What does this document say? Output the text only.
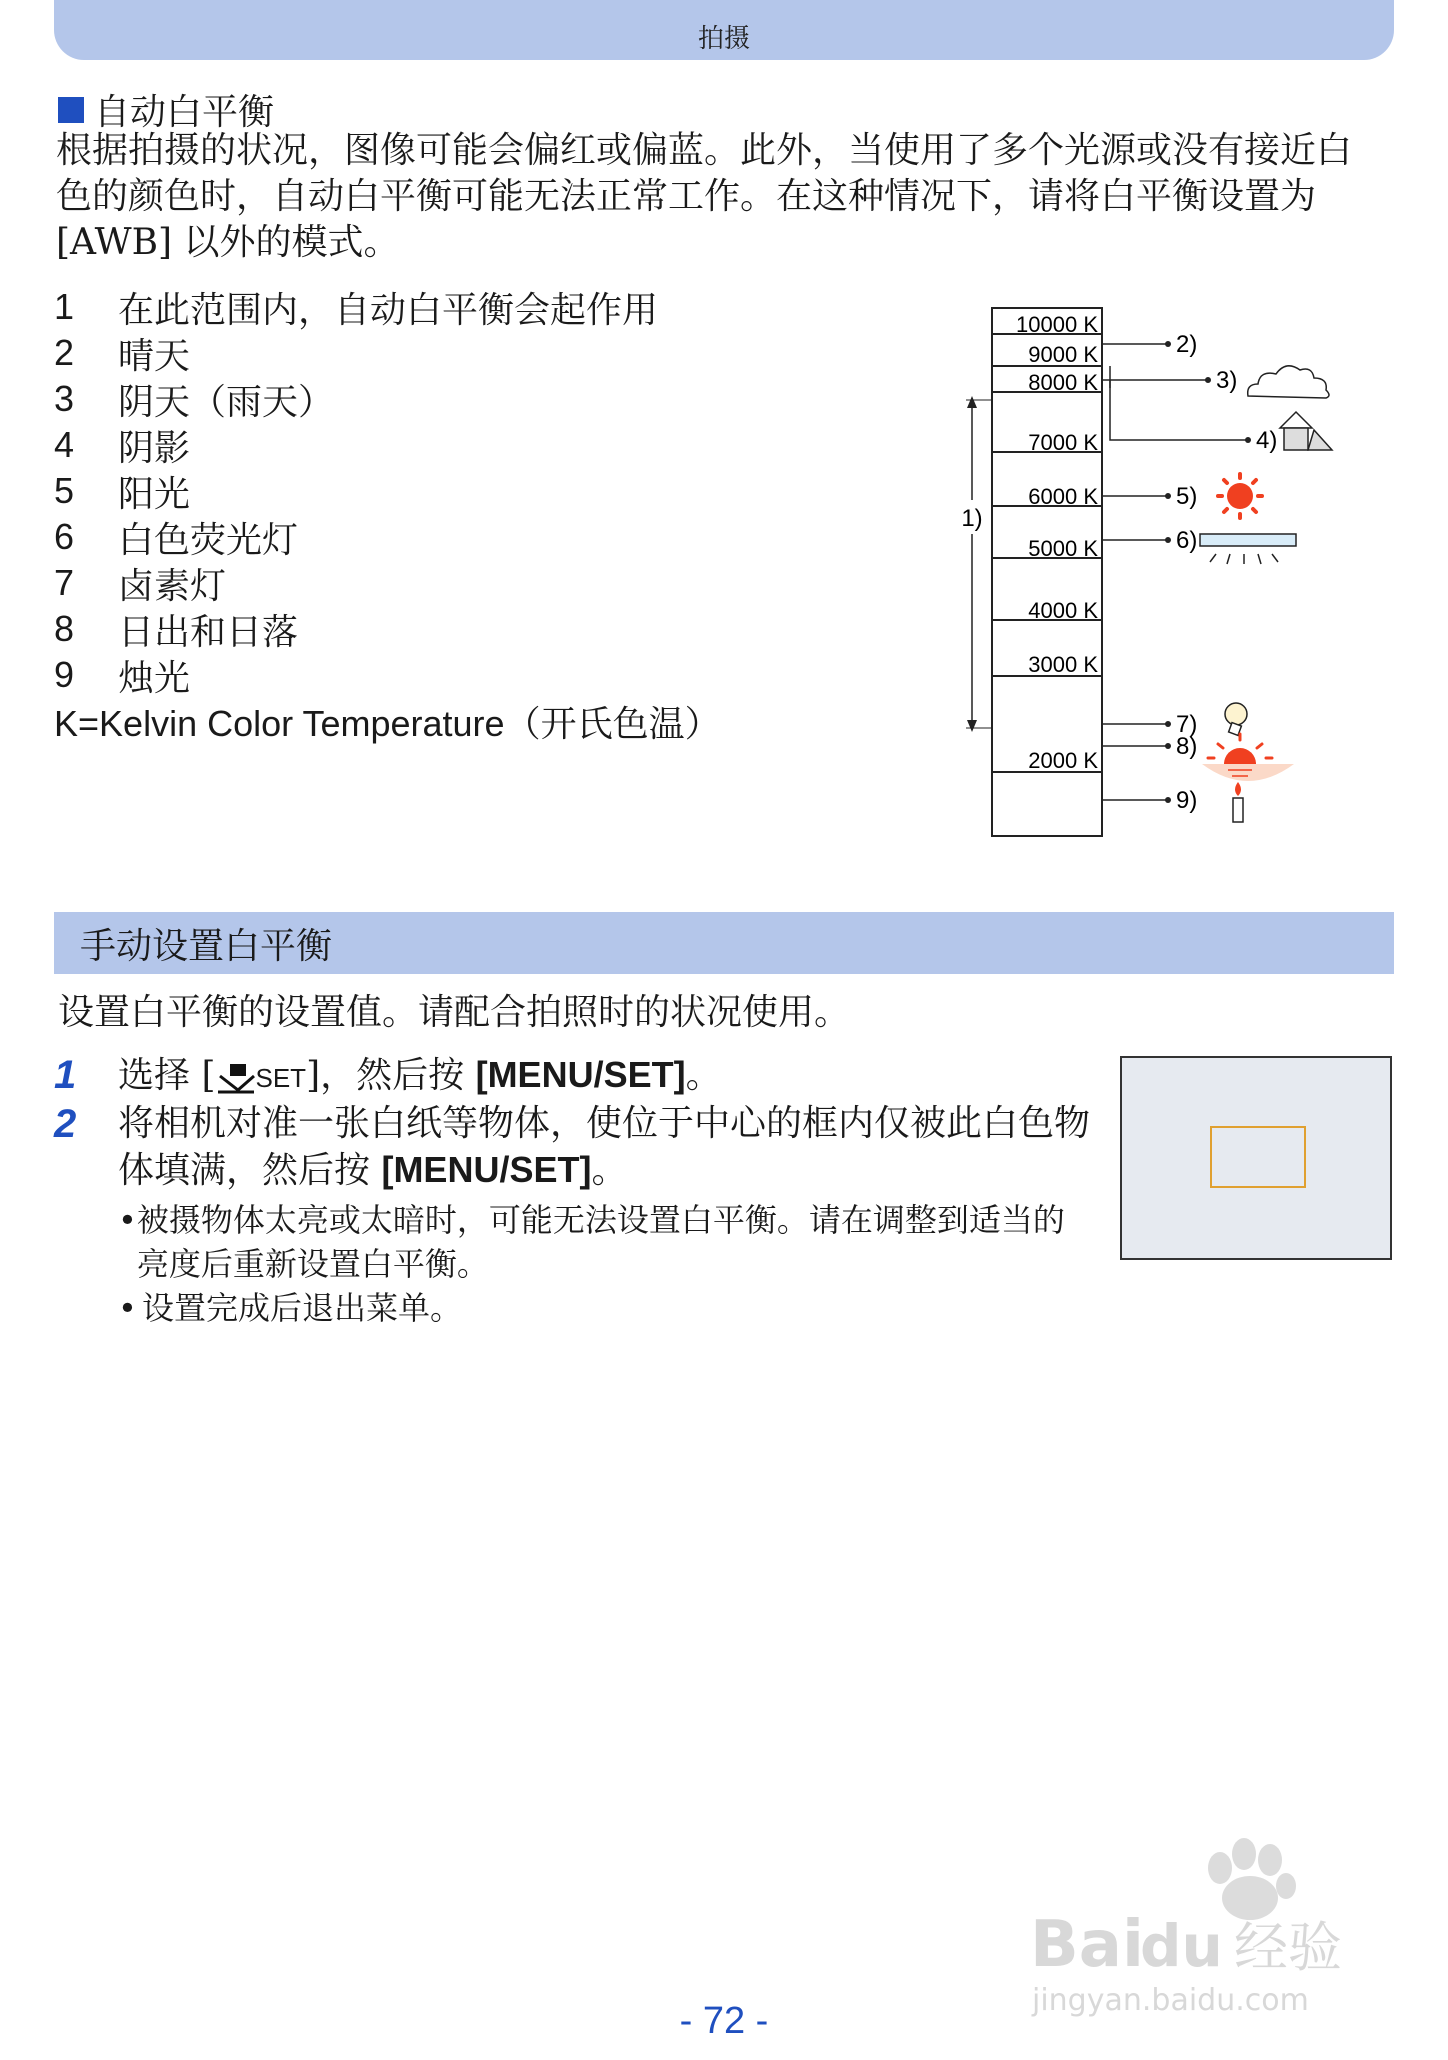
拍摄
自动白平衡
根据拍摄的状况，图像可能会偏红或偏蓝。此外，当使用了多个光源或没有接近白色的颜色时，自动白平衡可能无法正常工作。在这种情况下，请将白平衡设置为 [AWB] 以外的模式。
1	在此范围内，自动白平衡会起作用
2	晴天
3	阴天（雨天）
4	阴影
5	阳光
6	白色荧光灯
7	卤素灯
8	日出和日落
9	烛光
K=Kelvin Color Temperature（开氏色温）
10000 K
9000 K
8000 K
7000 K
6000 K
5000 K
4000 K
3000 K
2000 K
1)
2)
3)
4)
5)
6)
7)
8)
9)
手动设置白平衡
设置白平衡的设置值。请配合拍照时的状况使用。
1	选择 [ SET]，然后按 [MENU/SET]。
2	将相机对准一张白纸等物体，使位于中心的框内仅被此白色物体填满，然后按 [MENU/SET]。
• 被摄物体太亮或太暗时，可能无法设置白平衡。请在调整到适当的亮度后重新设置白平衡。
• 设置完成后退出菜单。
Bai
du 经验
jingyan.baidu.com
- 72 -
